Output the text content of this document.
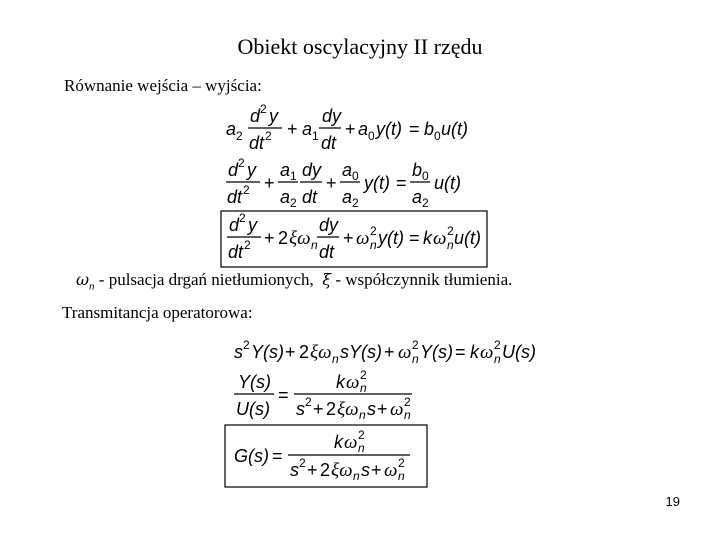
Obiekt oscylacyjny II rzędu
Równanie wejścia – wyjścia:
a 2
d 2 y
dt 2 + a 1
dy
dt
+ a 0 y(t) = b 0 u(t)
d 2 y
dt 2 +
a 1
a 2
dy
dt
+
a 0
a 2
y(t) =
b 0
a 2
u(t)
d 2 y
dt 2 + 2 ξω n
dy
dt
+ ω 2
n y(t) = k ω 2
n u(t)
$\omega_n$ - pulsacja drgań nietłumionych, ξ - współczynnik tłumienia.
Transmitancja operatorowa:
s 2 Y(s) + 2 ξω n sY(s) + ω 2
n Y(s) = k ω 2
n U(s)
Y(s)
U(s)
=
k ω 2
n
s 2 + 2 ξω n s + ω 2
n
G(s) =
k ω 2
n
s 2 + 2 ξω n s + ω 2
n
19
